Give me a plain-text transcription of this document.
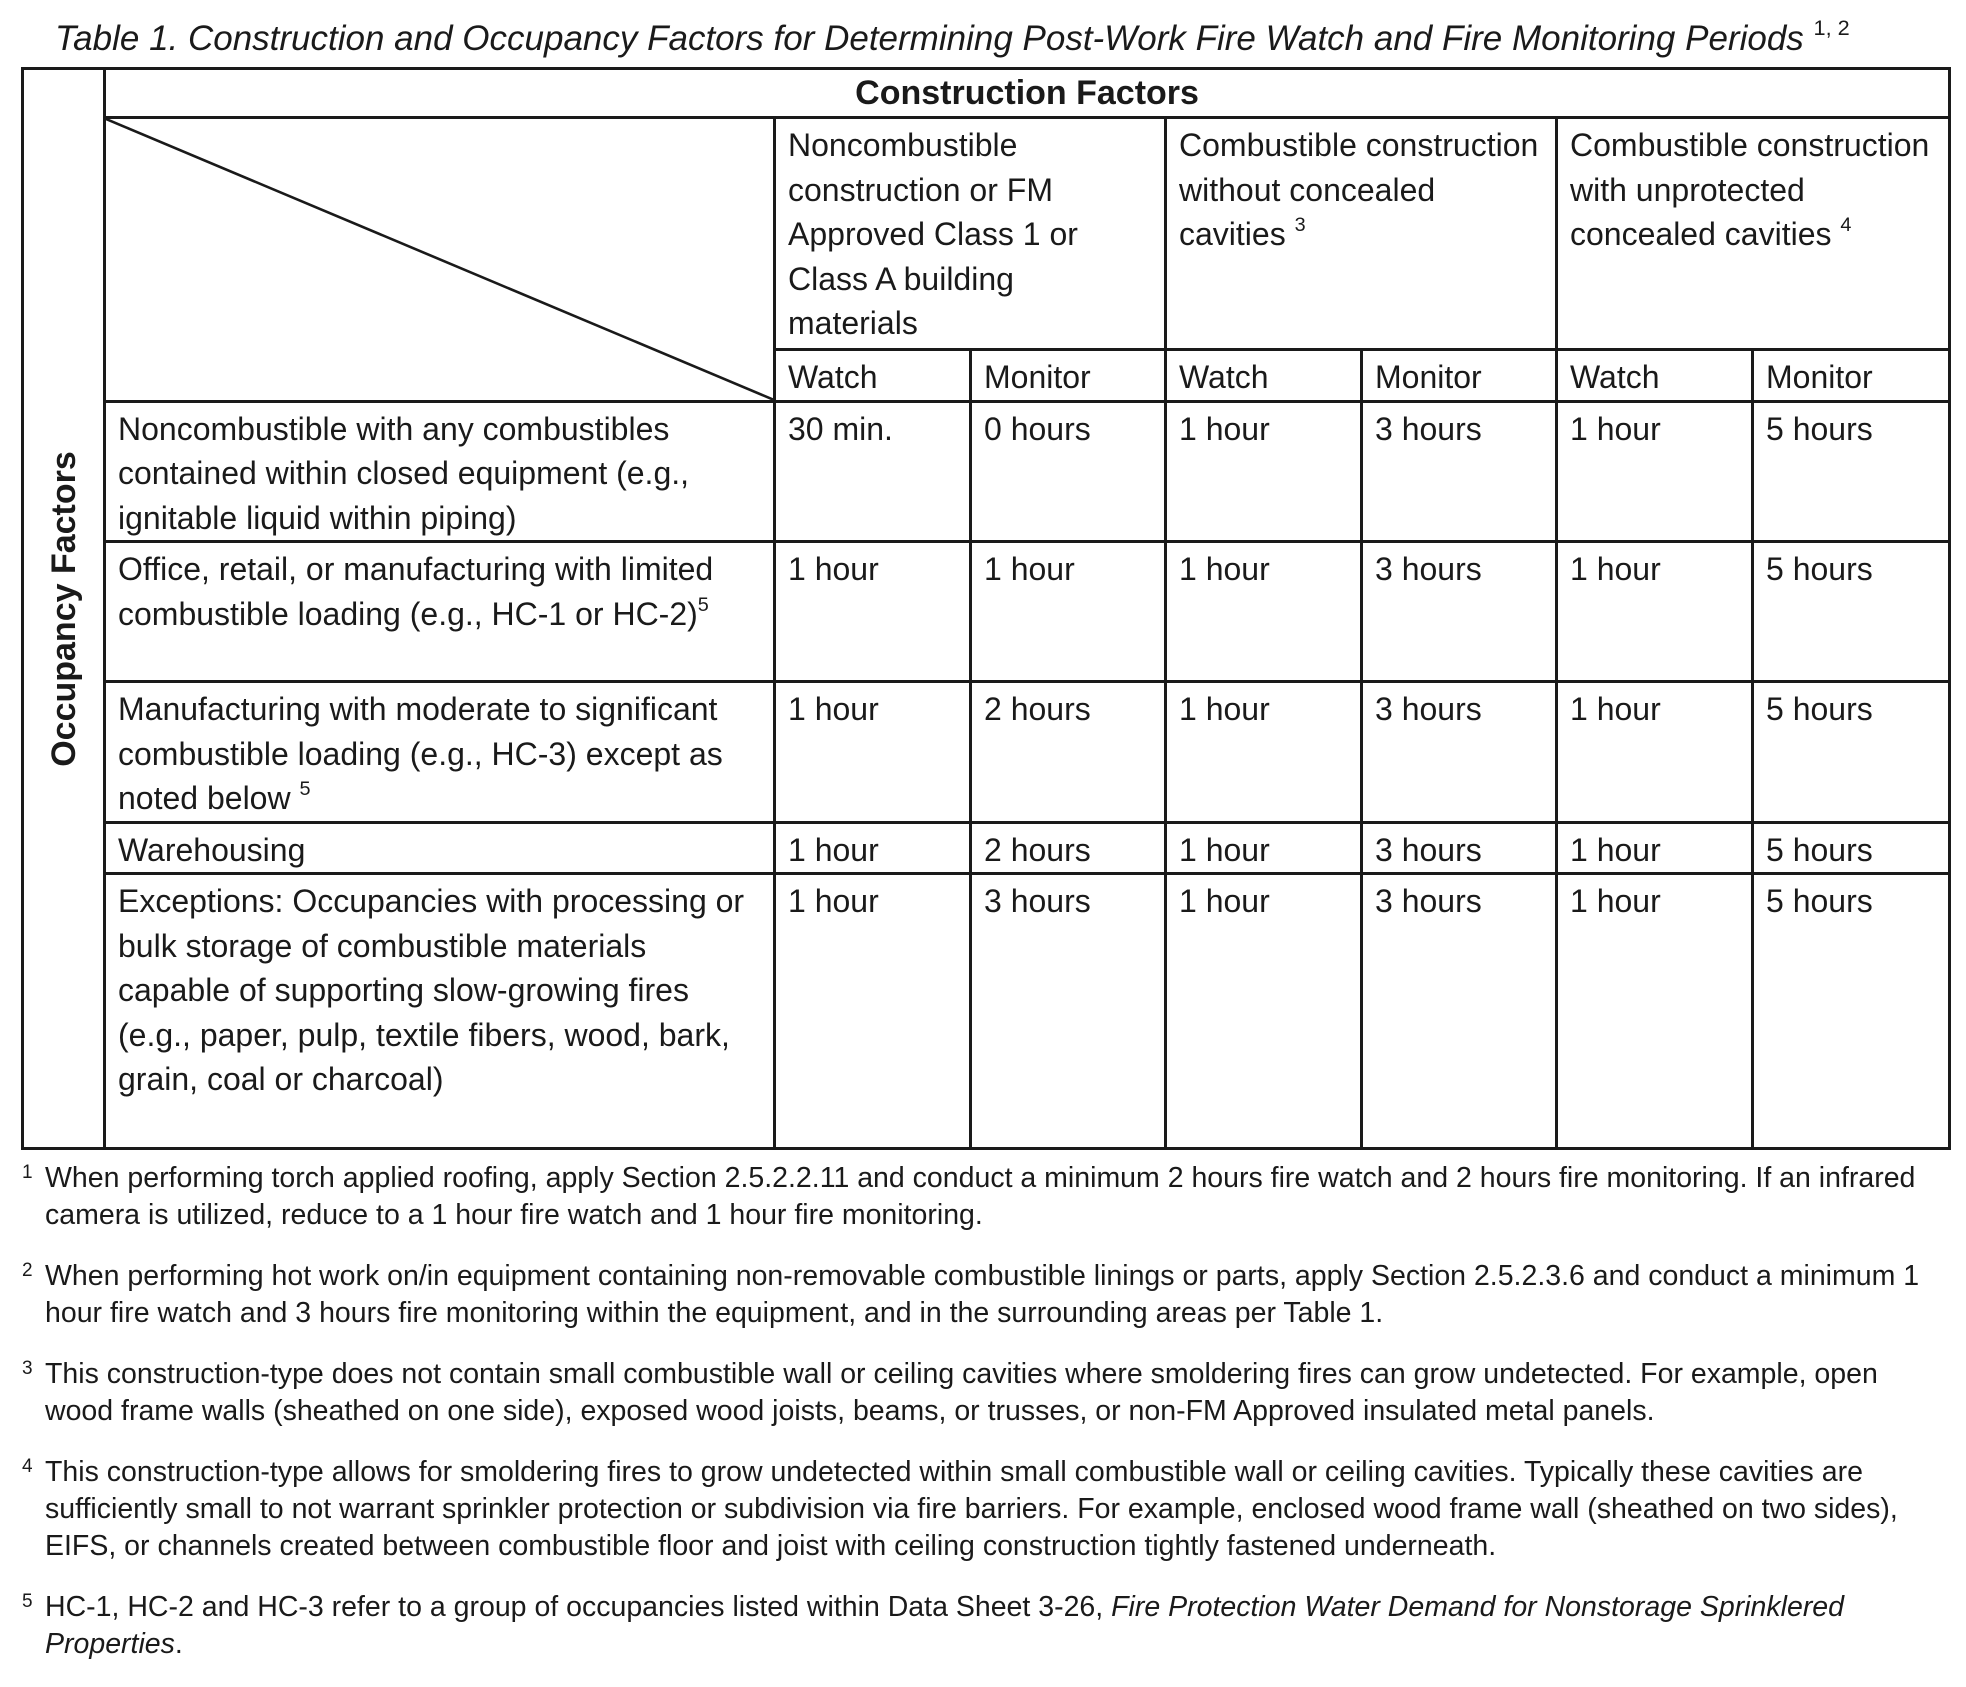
Table 1. Construction and Occupancy Factors for Determining Post-Work Fire Watch and Fire Monitoring Periods $^{1, 2}$
Occupancy Factors	Construction Factors						

	Noncombustible construction or FM Approved Class 1 or Class A building materials		Combustible construction without concealed cavities $^3$		Combustible construction with unprotected concealed cavities $^4$
		Watch	Monitor	Watch	Monitor	Watch	Monitor
	Noncombustible with any combustibles contained within closed equipment (e.g., ignitable liquid within piping)	30 min.	0 hours	1 hour	3 hours	1 hour	5 hours
	Office, retail, or manufacturing with limited combustible loading (e.g., HC-1 or HC-2)$^5$	1 hour	1 hour	1 hour	3 hours	1 hour	5 hours
	Manufacturing with moderate to significant combustible loading (e.g., HC-3) except as noted below $^5$	1 hour	2 hours	1 hour	3 hours	1 hour	5 hours
	Warehousing	1 hour	2 hours	1 hour	3 hours	1 hour	5 hours
	Exceptions: Occupancies with processing or bulk storage of combustible materials capable of supporting slow-growing fires (e.g., paper, pulp, textile fibers, wood, bark, grain, coal or charcoal)	1 hour	3 hours	1 hour	3 hours	1 hour	5 hours
1 When performing torch applied roofing, apply Section 2.5.2.2.11 and conduct a minimum 2 hours fire watch and 2 hours fire monitoring. If an infrared camera is utilized, reduce to a 1 hour fire watch and 1 hour fire monitoring.

2 When performing hot work on/in equipment containing non-removable combustible linings or parts, apply Section 2.5.2.3.6 and conduct a minimum 1 hour fire watch and 3 hours fire monitoring within the equipment, and in the surrounding areas per Table 1.

3 This construction-type does not contain small combustible wall or ceiling cavities where smoldering fires can grow undetected. For example, open wood frame walls (sheathed on one side), exposed wood joists, beams, or trusses, or non-FM Approved insulated metal panels.

4 This construction-type allows for smoldering fires to grow undetected within small combustible wall or ceiling cavities. Typically these cavities are sufficiently small to not warrant sprinkler protection or subdivision via fire barriers. For example, enclosed wood frame wall (sheathed on two sides), EIFS, or channels created between combustible floor and joist with ceiling construction tightly fastened underneath.

5 HC-1, HC-2 and HC-3 refer to a group of occupancies listed within Data Sheet 3-26, Fire Protection Water Demand for Nonstorage Sprinklered Properties.
